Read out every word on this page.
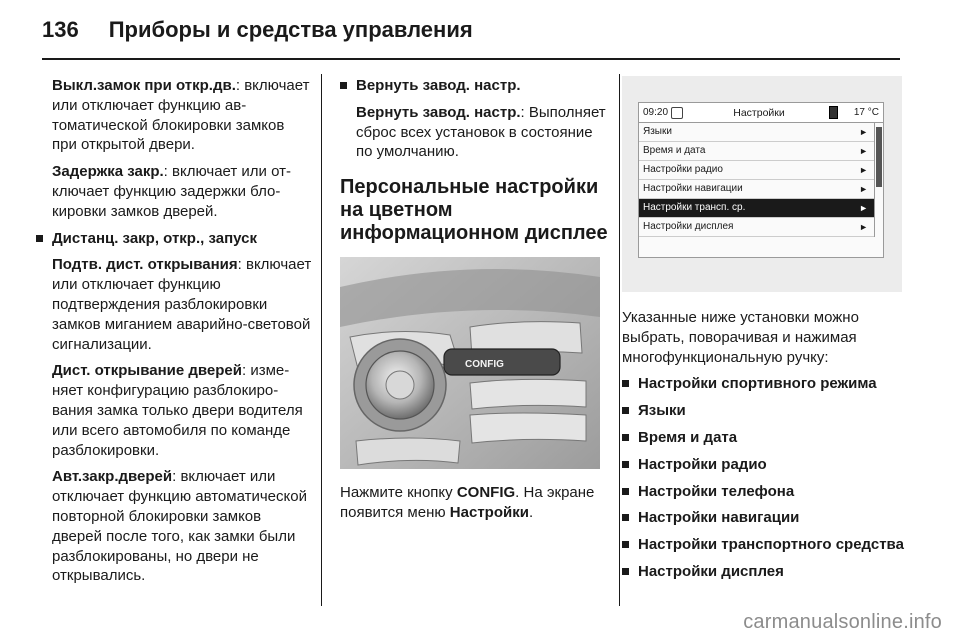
136 Приборы и средства управления

Выкл.замок при откр.дв.: включает или отключает функцию автоматической блокировки замков при открытой двери.

Задержка закр.: включает или отключает функцию задержки блокировки замков дверей.

Дистанц. закр, откр., запуск

Подтв. дист. открывания: включает или отключает функцию подтверждения разблокировки замков миганием аварийно-световой сигнализации.

Дист. открывание дверей: изменяет конфигурацию разблокирования замка только двери водителя или всего автомобиля по команде разблокировки.

Авт.закр.дверей: включает или отключает функцию автоматической повторной блокировки замков дверей после того, как замки были разблокированы, но двери не открывались.

Вернуть завод. настр.

Вернуть завод. настр.: Выполняет сброс всех установок в состояние по умолчанию.

Персональные настройки на цветном информационном дисплее
CONFIG

Нажмите кнопку CONFIG. На экране появится меню Настройки.

09:20	Настройки	17 °C
Языки	►
Время и дата	►
Настройки радио	►
Настройки навигации	►
Настройки трансп. ср.	►
Настройки дисплея	►

Указанные ниже установки можно выбрать, поворачивая и нажимая многофункциональную ручку:

Настройки спортивного режима
Языки
Время и дата
Настройки радио
Настройки телефона
Настройки навигации
Настройки транспортного средства
Настройки дисплея
carmanualsonline.info
